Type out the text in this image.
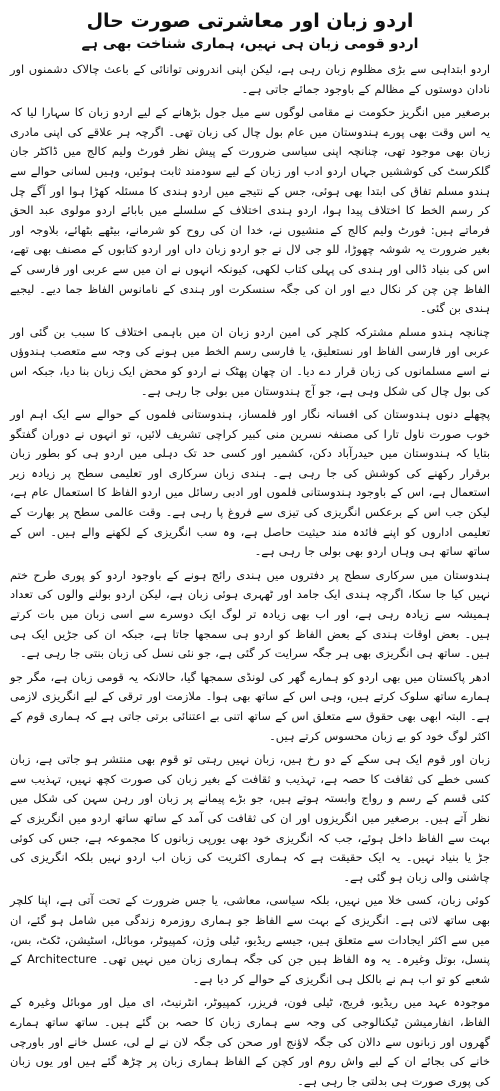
اردو زبان اور معاشرتی صورت حال
اردو قومی زبان ہی نہیں، ہماری شناخت بھی ہے

اردو ابتداہی سے بڑی مظلوم زبان رہی ہے، لیکن اپنی اندرونی توانائی کے باعث چالاک دشمنوں اور نادان دوستوں کے مظالم کے باوجود جمائے جاتی ہے۔

برصغیر میں انگریز حکومت نے مقامی لوگوں سے میل جول بڑھانے کے لیے اردو زبان کا سہارا لیا کہ یہ اس وقت بھی پورے ہندوستان میں عام بول چال کی زبان تھی۔ اگرچہ ہر علاقے کی اپنی مادری زبان بھی موجود تھی، چنانچہ اپنی سیاسی ضرورت کے پیش نظر فورٹ ولیم کالج میں ڈاکٹر جان گلکرسٹ کی کوششیں جہاں اردو ادب اور زبان کے لیے سودمند ثابت ہوئیں، وہیں لسانی حوالے سے ہندو مسلم تفاق کی ابتدا بھی ہوئی، جس کے نتیجے میں اردو ہندی کا مسئلہ کھڑا ہوا اور آگے چل کر رسم الخط کا اختلاف پیدا ہوا، اردو ہندی اختلاف کے سلسلے میں بابائے اردو مولوی عبد الحق فرماتے ہیں: فورٹ ولیم کالج کے منشیوں نے، خدا ان کی روح کو شرمانے، بیٹھے بٹھائے، بلاوجہ اور بغیر ضرورت یہ شوشہ چھوڑا، للو جی لال نے جو اردو زبان داں اور اردو کتابوں کے مصنف بھی تھے، اس کی بنیاد ڈالی اور ہندی کی پہلی کتاب لکھی، کیونکہ انہوں نے ان میں سے عربی اور فارسی کے الفاظ چن چن کر نکال دیے اور ان کی جگہ سنسکرت اور ہندی کے نامانوس الفاظ جما دیے۔ لیجیے ہندی بن گئی۔

چنانچہ ہندو مسلم مشترکہ کلچر کی امین اردو زبان ان میں باہمی اختلاف کا سبب بن گئی اور عربی اور فارسی الفاظ اور نستعلیق، یا فارسی رسم الخط میں ہونے کی وجہ سے متعصب ہندوؤں نے اسے مسلمانوں کی زبان قرار دے دیا۔ ان چھان پھٹک نے اردو کو محض ایک زبان بنا دیا، جبکہ اس کی بول چال کی شکل وہی ہے، جو آج ہندوستان میں بولی جا رہی ہے۔

پچھلے دنوں ہندوستان کی افسانہ نگار اور فلمساز، ہندوستانی فلموں کے حوالے سے ایک اہم اور خوب صورت ناول تارا کی مصنفہ نسرین منی کبیر کراچی تشریف لائیں، تو انہوں نے دوران گفتگو بتایا کہ ہندوستان میں حیدرآباد دکن، کشمیر اور کسی حد تک دہلی میں اردو ہی کو بطور زبان برقرار رکھنے کی کوشش کی جا رہی ہے۔ ہندی زبان سرکاری اور تعلیمی سطح پر زیادہ زیر استعمال ہے، اس کے باوجود ہندوستانی فلموں اور ادبی رسائل میں اردو الفاظ کا استعمال عام ہے، لیکن جب اس کے برعکس انگریزی کی تیزی سے فروغ پا رہی ہے۔ وقت عالمی سطح پر بھارت کے تعلیمی اداروں کو اپنے فائدہ مند حیثیت حاصل ہے، وہ سب انگریزی کے لکھنے والے ہیں۔ اس کے ساتھ ساتھ ہی وہاں اردو بھی بولی جا رہی ہے۔

ہندوستان میں سرکاری سطح پر دفتروں میں ہندی رائج ہونے کے باوجود اردو کو پوری طرح ختم نہیں کیا جا سکا، اگرچہ ہندی ایک جامد اور ٹھہری ہوئی زبان ہے، لیکن اردو بولنے والوں کی تعداد ہمیشہ سے زیادہ رہی ہے، اور اب بھی زیادہ تر لوگ ایک دوسرے سے اسی زبان میں بات کرتے ہیں۔ بعض اوقات ہندی کے بعض الفاظ کو اردو ہی سمجھا جاتا ہے، جبکہ ان کی جڑیں ایک ہی ہیں۔ ساتھ ہی انگریزی بھی ہر جگہ سرایت کر گئی ہے، جو نئی نسل کی زبان بنتی جا رہی ہے۔

ادھر پاکستان میں بھی اردو کو ہمارے گھر کی لونڈی سمجھا گیا، حالانکہ یہ قومی زبان ہے، مگر جو ہمارے ساتھ سلوک کرتے ہیں، وہی اس کے ساتھ بھی ہوا۔ ملازمت اور ترقی کے لیے انگریزی لازمی ہے۔ البتہ ابھی بھی حقوق سے متعلق اس کے ساتھ اتنی بے اعتنائی برتی جاتی ہے کہ ہماری قوم کے اکثر لوگ خود کو بے زبان محسوس کرتے ہیں۔

زبان اور قوم ایک ہی سکے کے دو رخ ہیں، زبان نہیں رہتی تو قوم بھی منتشر ہو جاتی ہے، زبان کسی خطے کی ثقافت کا حصہ ہے، تہذیب و ثقافت کے بغیر زبان کی صورت کچھ نہیں، تہذیب سے کئی قسم کے رسم و رواج وابستہ ہوتے ہیں، جو بڑے پیمانے پر زبان اور رہن سہن کی شکل میں نظر آتے ہیں۔ برصغیر میں انگریزوں اور ان کی ثقافت کی آمد کے ساتھ ساتھ اردو میں انگریزی کے بہت سے الفاظ داخل ہوئے، جب کہ انگریزی خود بھی یورپی زبانوں کا مجموعہ ہے، جس کی کوئی جڑ یا بنیاد نہیں۔ یہ ایک حقیقت ہے کہ ہماری اکثریت کی زبان اب اردو نہیں بلکہ انگریزی کی چاشنی والی زبان ہو گئی ہے۔

کوئی زبان، کسی خلا میں نہیں، بلکہ سیاسی، معاشی، یا جس ضرورت کے تحت آتی ہے، اپنا کلچر بھی ساتھ لاتی ہے۔ انگریزی کے بہت سے الفاظ جو ہماری روزمرہ زندگی میں شامل ہو گئے، ان میں سے اکثر ایجادات سے متعلق ہیں، جیسے ریڈیو، ٹیلی وژن، کمپیوٹر، موبائل، اسٹیشن، ٹکٹ، بس، پنسل، بوتل وغیرہ۔ یہ وہ الفاظ ہیں جن کی جگہ ہماری زبان میں نہیں تھی۔ Architecture کے شعبے کو تو اب ہم نے بالکل ہی انگریزی کے حوالے کر دیا ہے۔

موجودہ عہد میں ریڈیو، فریج، ٹیلی فون، فریزر، کمپیوٹر، انٹرنیٹ، ای میل اور موبائل وغیرہ کے الفاظ، انفارمیشن ٹیکنالوجی کی وجہ سے ہماری زبان کا حصہ بن گئے ہیں۔ ساتھ ساتھ ہمارے گھروں اور زبانوں سے دالان کی جگہ لاؤنج اور صحن کی جگہ لان نے لے لی، عسل خانے اور باورچی خانے کی بجائے ان کے لیے واش روم اور کچن کے الفاظ ہماری زبان پر چڑھ گئے ہیں اور یوں زبان کی پوری صورت ہی بدلتی جا رہی ہے۔
